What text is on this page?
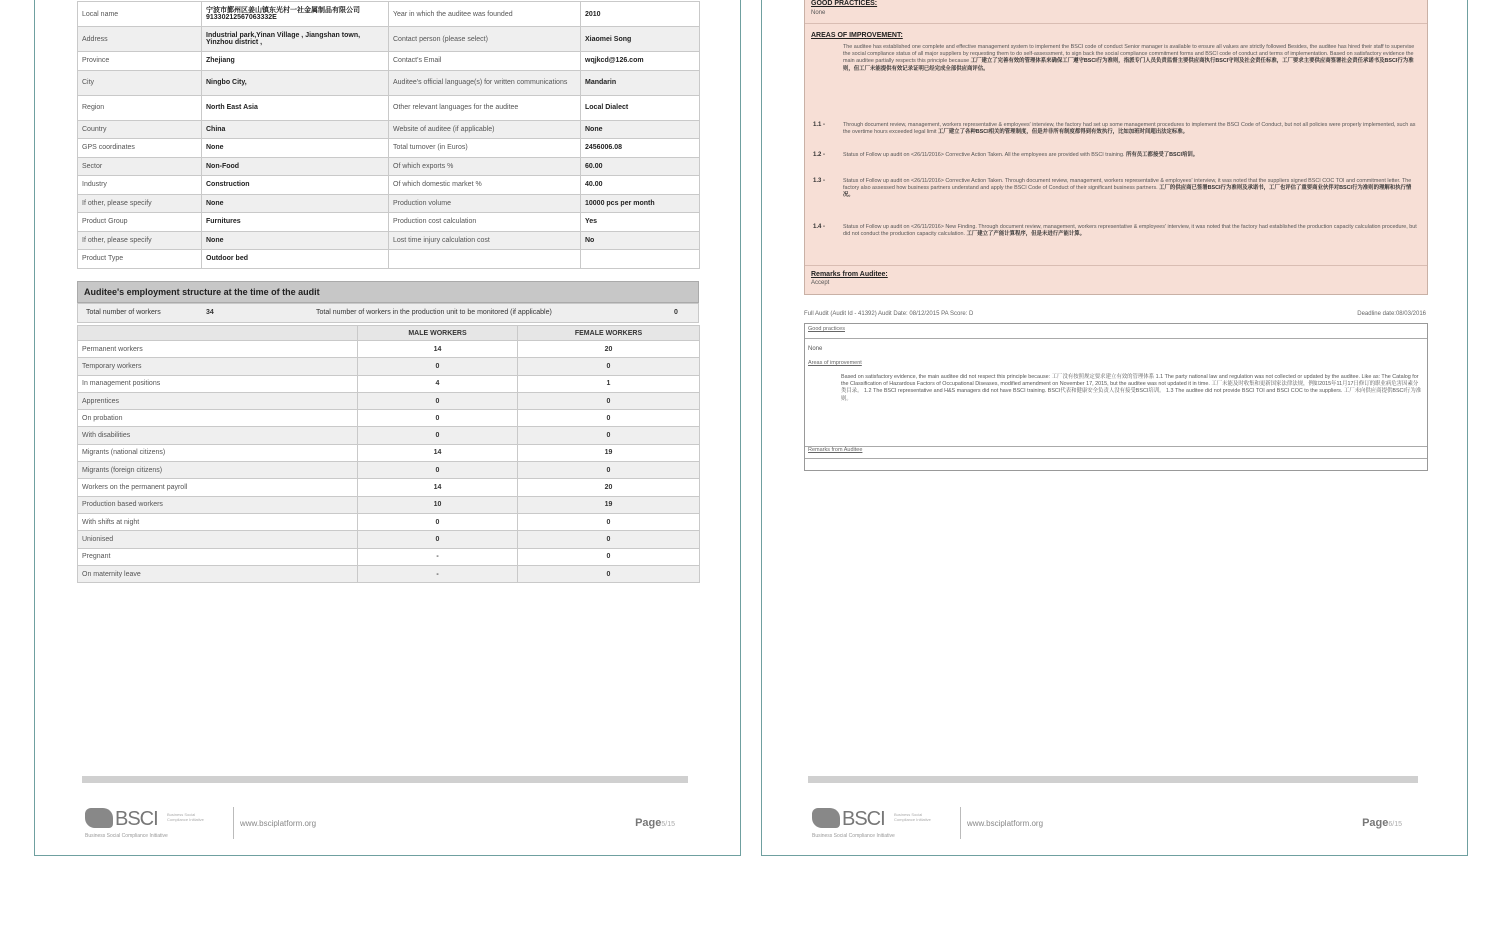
Local name	宁波市鄞州区姜山镇东光村一社金属制品有限公司 91330212567063332E	Year in which the auditee was founded	2010
Address	Industrial park,Yinan Village , Jiangshan town, Yinzhou district ,	Contact person (please select)	Xiaomei Song
Province	Zhejiang	Contact's Email	wqjkcd@126.com
City	Ningbo City,	Auditee's official language(s) for written communications	Mandarin
Region	North East Asia	Other relevant languages for the auditee	Local Dialect
Country	China	Website of auditee (if applicable)	None
GPS coordinates	None	Total turnover (in Euros)	2456006.08
Sector	Non-Food	Of which exports %	60.00
Industry	Construction	Of which domestic market %	40.00
If other, please specify	None	Production volume	10000 pcs per month
Product Group	Furnitures	Production cost calculation	Yes
If other, please specify	None	Lost time injury calculation cost	No
Product Type	Outdoor bed		
Auditee's employment structure at the time of the audit
Total number of workers	34	Total number of workers in the production unit to be monitored (if applicable)	0
	MALE WORKERS	FEMALE WORKERS
Permanent workers	14	20
Temporary workers	0	0
In management positions	4	1
Apprentices	0	0
On probation	0	0
With disabilities	0	0
Migrants (national citizens)	14	19
Migrants (foreign citizens)	0	0
Workers on the permanent payroll	14	20
Production based workers	10	19
With shifts at night	0	0
Unionised	0	0
Pregnant	-	0
On maternity leave	-	0
BSCI Business Social Compliance Initiative
Business Social Compliance Initiative
www.bsciplatform.org	Page5/15
GOOD PRACTICES:
None
AREAS OF IMPROVEMENT:
The auditee has established one complete and effective management system to implement the BSCI code of conduct Senior manager is available to ensure all values are strictly followed Besides, the auditee has hired their staff to supervise the social compliance status of all major suppliers by requesting them to do self-assessment, to sign back the social compliance commitment forms and BSCI code of conduct and terms of implementation. Based on satisfactory evidence the main auditee partially respects this principle because 工厂建立了完善有效的管理体系来确保工厂遵守BSCI行为准则，指派专门人员负责监督主要供应商执行BSCI守则及社会责任标准，工厂要求主要供应商签署社会责任承诺书及BSCI行为准则，但工厂未能提供有效记录证明已经完成全部供应商评估。
1.1 -	Through document review, management, workers representative & employees' interview, the factory had set up some management procedures to implement the BSCI Code of Conduct, but not all policies were properly implemented, such as the overtime hours exceeded legal limit 工厂建立了各种BSCI相关的管理制度，但是并非所有制度都得到有效执行，比如加班时间超出法定标准。
1.2 -	Status of Follow up audit on <26/11/2016> Corrective Action Taken. All the employees are provided with BSCI training. 所有员工都接受了BSCI培训。
1.3 -	Status of Follow up audit on <26/11/2016> Corrective Action Taken. Through document review, management, workers representative & employees' interview, it was noted that the suppliers signed BSCI COC TOI and commitment letter. The factory also assessed how business partners understand and apply the BSCI Code of Conduct of their significant business partners. 工厂的供应商已签署BSCI行为准则及承诺书，工厂也评估了重要商业伙伴对BSCI行为准则的理解和执行情况。
1.4 -	Status of Follow up audit on <26/11/2016> New Finding. Through document review, management, workers representative & employees' interview, it was noted that the factory had established the production capacity calculation procedure, but did not conduct the production capacity calculation. 工厂建立了产能计算程序，但是未进行产能计算。
Remarks from Auditee:
Accept
Full Audit (Audit Id - 41392) Audit Date: 08/12/2015 PA Score: D	Deadline date:08/03/2016
Good practices
None
Areas of improvement
Based on satisfactory evidence, the main auditee did not respect this principle because: 工厂没有按照规定要求建立有效的管理体系 1.1 The party national law and regulation was not collected or updated by the auditee. Like as: The Catalog for the Classification of Hazardous Factors of Occupational Diseases, modified amendment on November 17, 2015, but the auditee was not updated it in time. 工厂未能及时收集和更新国家法律法规，例如2015年11月17日修订的职业病危害因素分类目录。 1.2 The BSCI representative and H&S managers did not have BSCI training. BSCI代表和健康安全负责人没有接受BSCI培训。 1.3 The auditee did not provide BSCI TOI and BSCI COC to the suppliers. 工厂未向供应商提供BSCI行为准则。
Remarks from Auditee
BSCI Business Social Compliance Initiative
Business Social Compliance Initiative
www.bsciplatform.org	Page6/15
